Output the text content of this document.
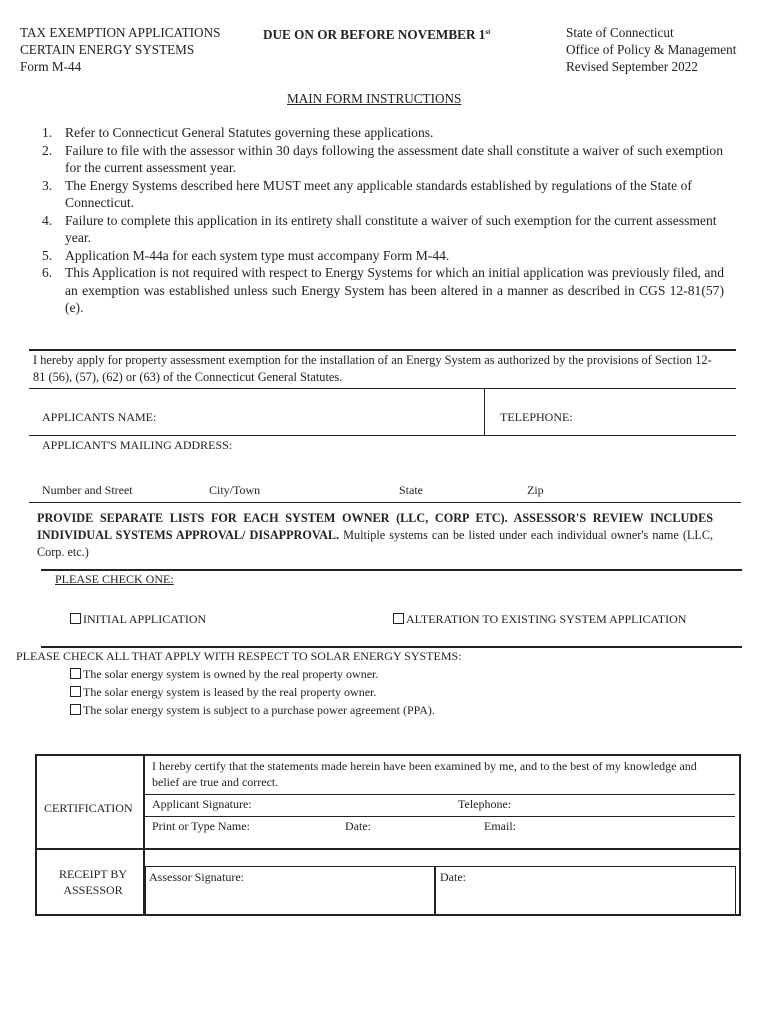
TAX EXEMPTION APPLICATIONS
CERTAIN ENERGY SYSTEMS
Form M-44
DUE ON OR BEFORE NOVEMBER 1st	State of Connecticut
Office of Policy & Management
Revised September 2022
MAIN FORM INSTRUCTIONS
1. Refer to Connecticut General Statutes governing these applications.
2. Failure to file with the assessor within 30 days following the assessment date shall constitute a waiver of such exemption for the current assessment year.
3. The Energy Systems described here MUST meet any applicable standards established by regulations of the State of Connecticut.
4. Failure to complete this application in its entirety shall constitute a waiver of such exemption for the current assessment year.
5. Application M-44a for each system type must accompany Form M-44.
6. This Application is not required with respect to Energy Systems for which an initial application was previously filed, and an exemption was established unless such Energy System has been altered in a manner as described in CGS 12-81(57)(e).
I hereby apply for property assessment exemption for the installation of an Energy System as authorized by the provisions of Section 12-81 (56), (57), (62) or (63) of the Connecticut General Statutes.
APPLICANTS NAME:	TELEPHONE:
APPLICANT'S MAILING ADDRESS:
Number and Street	City/Town	State	Zip
PROVIDE SEPARATE LISTS FOR EACH SYSTEM OWNER (LLC, CORP ETC). ASSESSOR'S REVIEW INCLUDES INDIVIDUAL SYSTEMS APPROVAL/ DISAPPROVAL. Multiple systems can be listed under each individual owner's name (LLC, Corp. etc.)
PLEASE CHECK ONE:
INITIAL APPLICATION	ALTERATION TO EXISTING SYSTEM APPLICATION
PLEASE CHECK ALL THAT APPLY WITH RESPECT TO SOLAR ENERGY SYSTEMS:
The solar energy system is owned by the real property owner.
The solar energy system is leased by the real property owner.
The solar energy system is subject to a purchase power agreement (PPA).
CERTIFICATION
I hereby certify that the statements made herein have been examined by me, and to the best of my knowledge and belief are true and correct.
Applicant Signature:	Telephone:
Print or Type Name:	Date:	Email:
RECEIPT BY
ASSESSOR
Assessor Signature:	Date:
